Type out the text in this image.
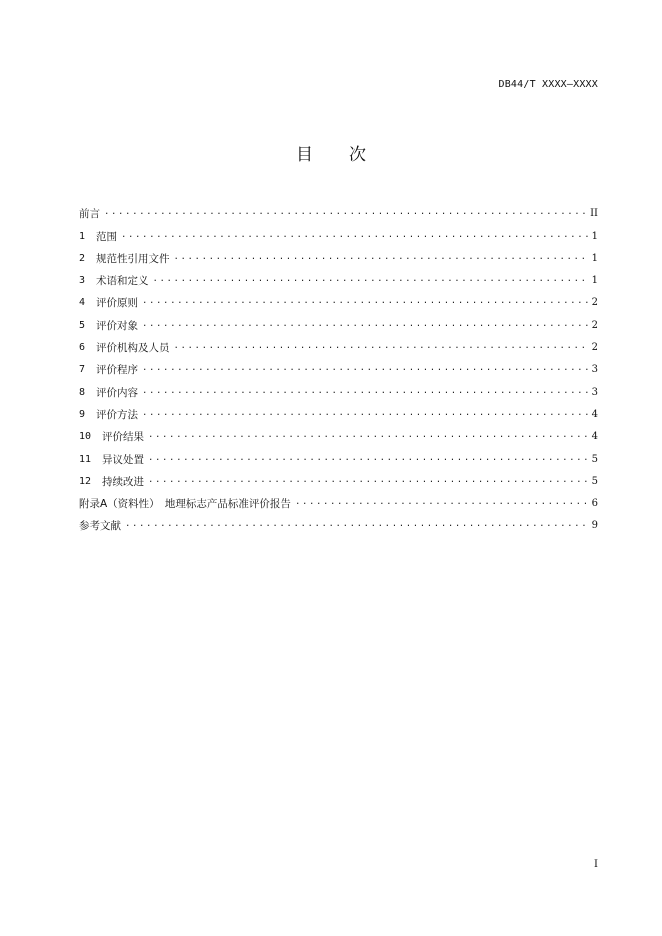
DB44/T XXXX—XXXX
目 次
前言 .....	II
1	范围 .....	1
2	规范性引用文件 .....	1
3	术语和定义 .....	1
4	评价原则 .....	2
5	评价对象 .....	2
6	评价机构及人员 .....	2
7	评价程序 .....	3
8	评价内容 .....	3
9	评价方法 .....	4
10	评价结果 .....	4
11	异议处置 .....	5
12	持续改进 .....	5
附录A（资料性）　地理标志产品标准评价报告 .....	6
参考文献 .....	9
I
